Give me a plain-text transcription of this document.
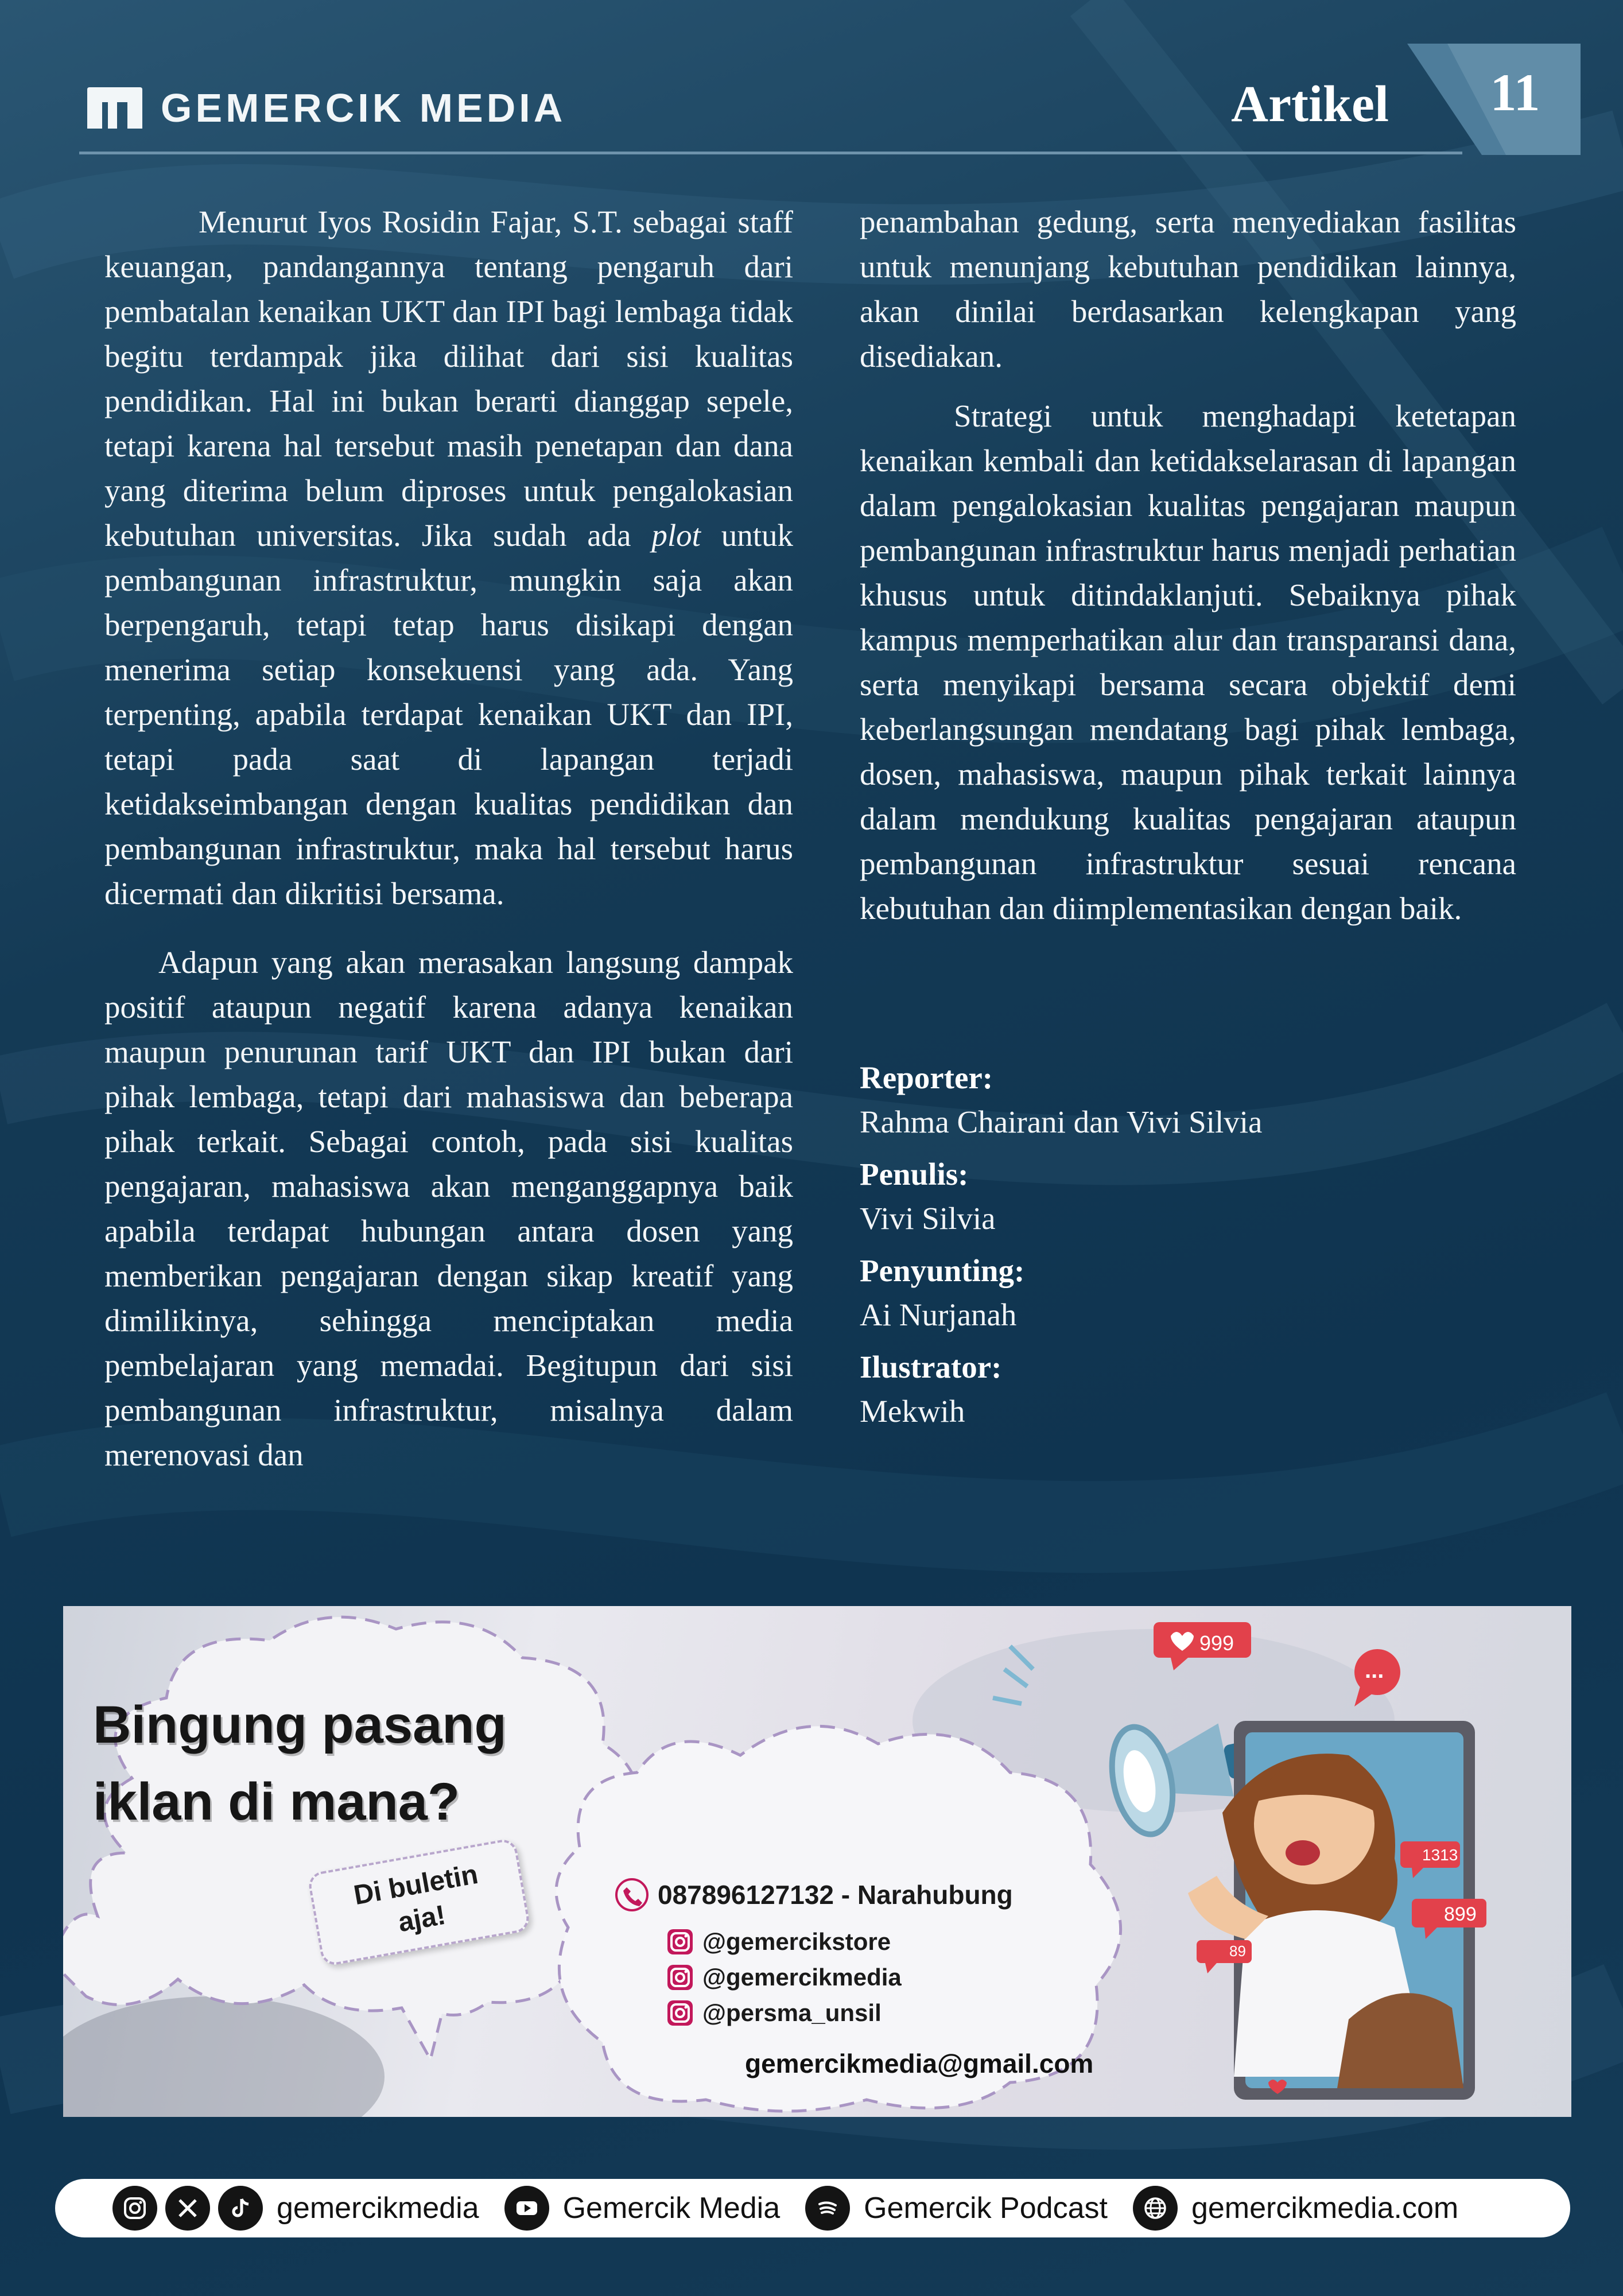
GEMERCIK MEDIA	Artikel	11

Menurut Iyos Rosidin Fajar, S.T. sebagai staff keuangan, pandangannya tentang pengaruh dari pembatalan kenaikan UKT dan IPI bagi lembaga tidak begitu terdampak jika dilihat dari sisi kualitas pendidikan. Hal ini bukan berarti dianggap sepele, tetapi karena hal tersebut masih penetapan dan dana yang diterima belum diproses untuk pengalokasian kebutuhan universitas. Jika sudah ada plot untuk pembangunan infrastruktur, mungkin saja akan berpengaruh, tetapi tetap harus disikapi dengan menerima setiap konsekuensi yang ada. Yang terpenting, apabila terdapat kenaikan UKT dan IPI, tetapi pada saat di lapangan terjadi ketidakseimbangan dengan kualitas pendidikan dan pembangunan infrastruktur, maka hal tersebut harus dicermati dan dikritisi bersama.

Adapun yang akan merasakan langsung dampak positif ataupun negatif karena adanya kenaikan maupun penurunan tarif UKT dan IPI bukan dari pihak lembaga, tetapi dari mahasiswa dan beberapa pihak terkait. Sebagai contoh, pada sisi kualitas pengajaran, mahasiswa akan menganggapnya baik apabila terdapat hubungan antara dosen yang memberikan pengajaran dengan sikap kreatif yang dimilikinya, sehingga menciptakan media pembelajaran yang memadai. Begitupun dari sisi pembangunan infrastruktur, misalnya dalam merenovasi dan

penambahan gedung, serta menyediakan fasilitas untuk menunjang kebutuhan pendidikan lainnya, akan dinilai berdasarkan kelengkapan yang disediakan.

Strategi untuk menghadapi ketetapan kenaikan kembali dan ketidakselarasan di lapangan dalam pengalokasian kualitas pengajaran maupun pembangunan infrastruktur harus menjadi perhatian khusus untuk ditindaklanjuti. Sebaiknya pihak kampus memperhatikan alur dan transparansi dana, serta menyikapi bersama secara objektif demi keberlangsungan mendatang bagi pihak lembaga, dosen, mahasiswa, maupun pihak terkait lainnya dalam mendukung kualitas pengajaran ataupun pembangunan infrastruktur sesuai rencana kebutuhan dan diimplementasikan dengan baik.

Reporter:
Rahma Chairani dan Vivi Silvia
Penulis:
Vivi Silvia
Penyunting:
Ai Nurjanah
Ilustrator:
Mekwih
999
...
1313
899
89
Bingung pasang
iklan di mana?
Di buletin
aja!
087896127132 - Narahubung
@gemercikstore
@gemercikmedia
@persma_unsil
gemercikmedia@gmail.com
gemercikmedia	Gemercik Media	Gemercik Podcast	gemercikmedia.com
